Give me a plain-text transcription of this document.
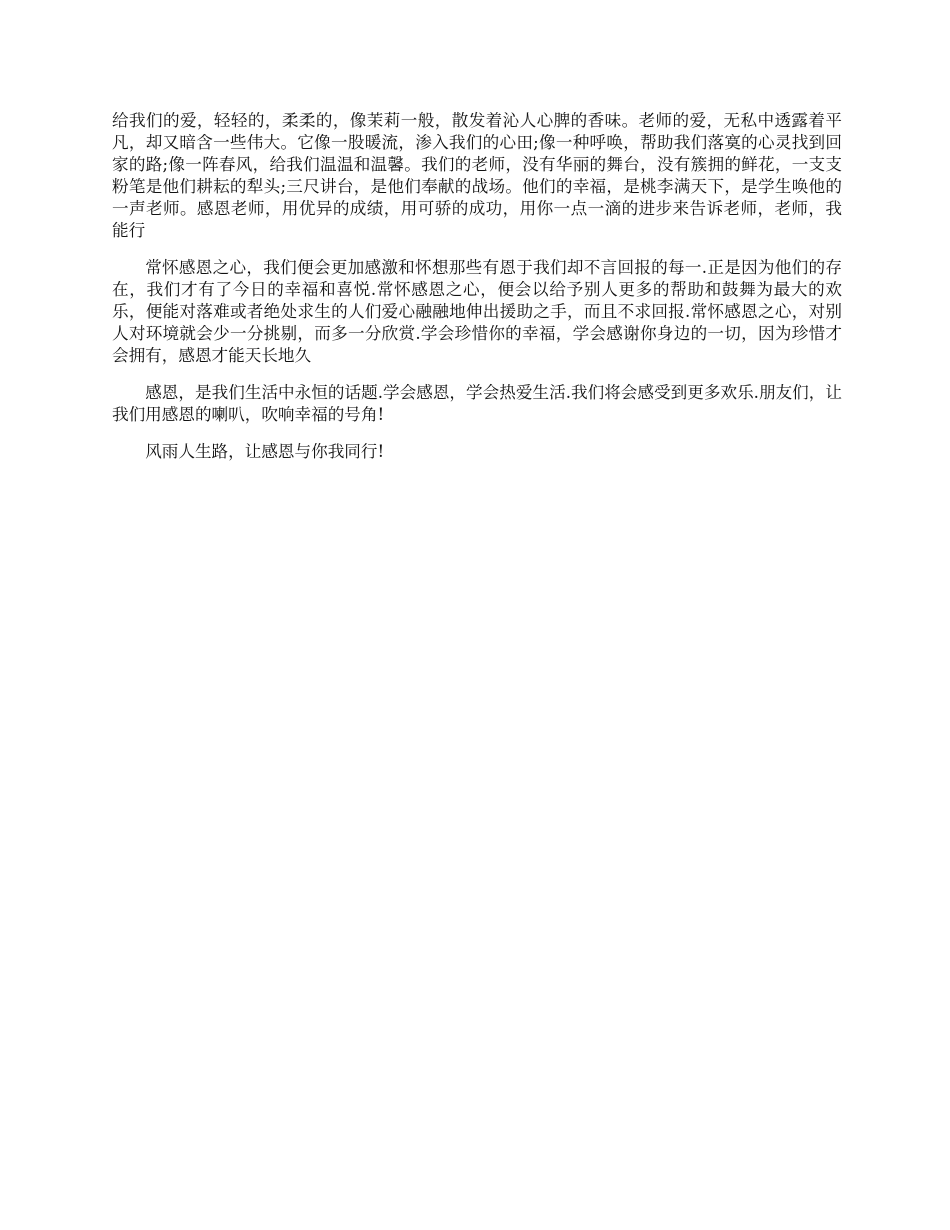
给我们的爱，轻轻的，柔柔的，像茉莉一般，散发着沁人心脾的香味。老师的爱，无私中透露着平凡，却又暗含一些伟大。它像一股暖流，渗入我们的心田;像一种呼唤，帮助我们落寞的心灵找到回家的路;像一阵春风，给我们温温和温馨。我们的老师，没有华丽的舞台，没有簇拥的鲜花，一支支粉笔是他们耕耘的犁头;三尺讲台，是他们奉献的战场。他们的幸福，是桃李满天下，是学生唤他的一声老师。感恩老师，用优异的成绩，用可骄的成功，用你一点一滴的进步来告诉老师，老师，我能行

常怀感恩之心，我们便会更加感激和怀想那些有恩于我们却不言回报的每一.正是因为他们的存在，我们才有了今日的幸福和喜悦.常怀感恩之心，便会以给予别人更多的帮助和鼓舞为最大的欢乐，便能对落难或者绝处求生的人们爱心融融地伸出援助之手，而且不求回报.常怀感恩之心，对别人对环境就会少一分挑剔，而多一分欣赏.学会珍惜你的幸福，学会感谢你身边的一切，因为珍惜才会拥有，感恩才能天长地久

感恩，是我们生活中永恒的话题.学会感恩，学会热爱生活.我们将会感受到更多欢乐.朋友们，让我们用感恩的喇叭，吹响幸福的号角!

风雨人生路，让感恩与你我同行!
